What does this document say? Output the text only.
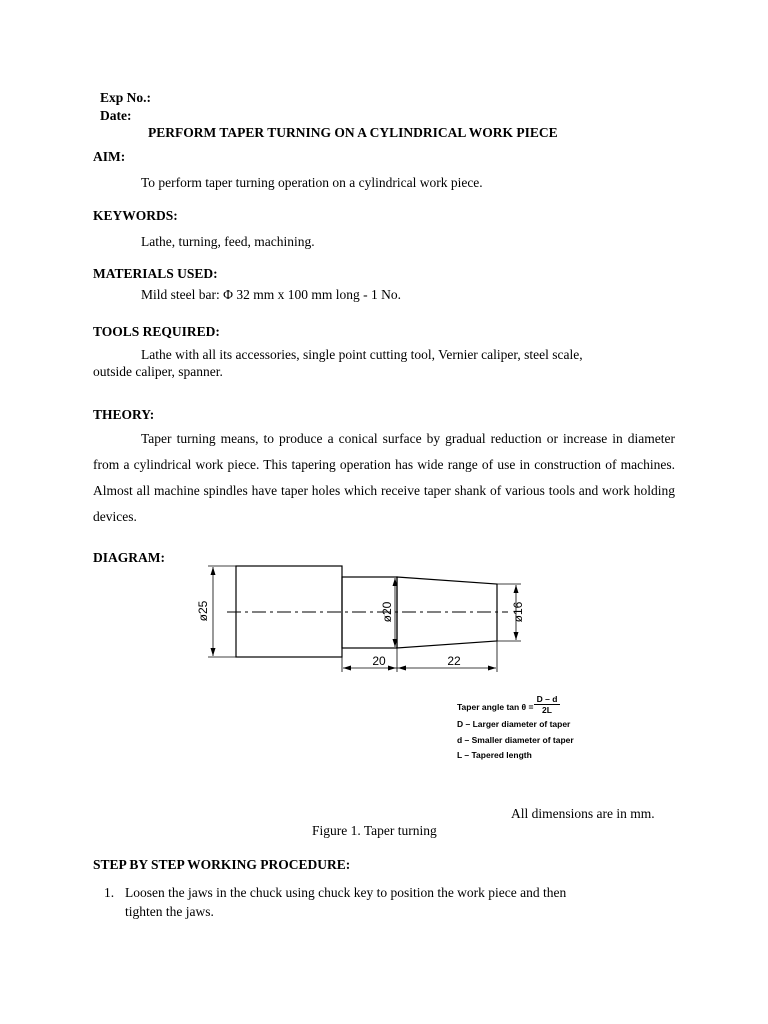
Exp No.:
Date:
PERFORM TAPER TURNING ON A CYLINDRICAL WORK PIECE
AIM:
To perform taper turning operation on a cylindrical work piece.
KEYWORDS:
Lathe, turning, feed, machining.
MATERIALS USED:
Mild steel bar: Φ 32 mm x 100 mm long - 1 No.
TOOLS REQUIRED:
Lathe with all its accessories, single point cutting tool, Vernier caliper, steel scale,
outside caliper, spanner.
THEORY:

Taper turning means, to produce a conical surface by gradual reduction or increase in diameter from a cylindrical work piece. This tapering operation has wide range of use in construction of machines. Almost all machine spindles have taper holes which receive taper shank of various tools and work holding devices.

DIAGRAM:
ø25	ø20	ø16
20	22
Taper angle $\tan \theta = \frac{D - d}{2L}$
D – Larger diameter of taper
d – Smaller diameter of taper
L – Tapered length
All dimensions are in mm.
Figure 1. Taper turning
STEP BY STEP WORKING PROCEDURE:
1. Loosen the jaws in the chuck using chuck key to position the work piece and then
tighten the jaws.
